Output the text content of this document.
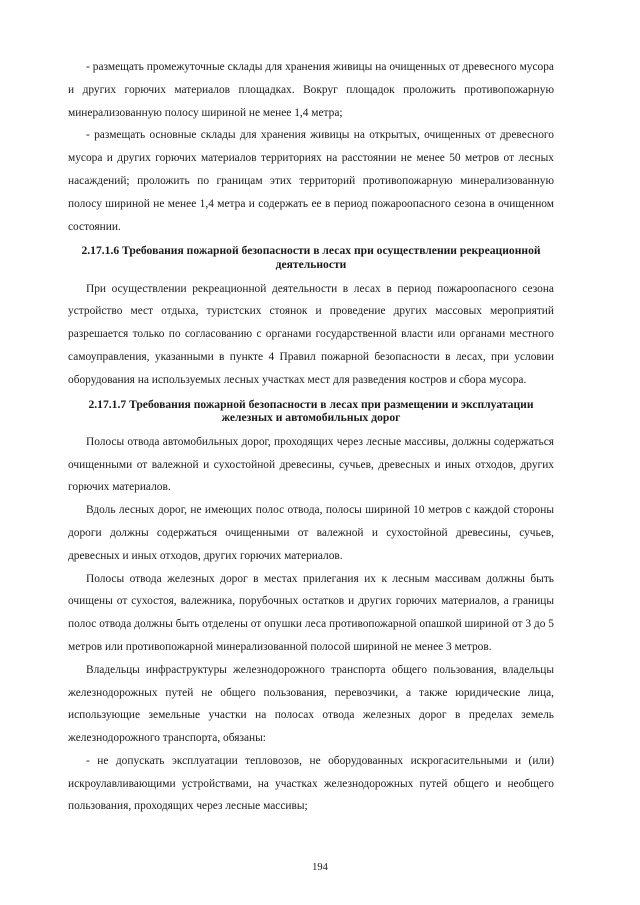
- размещать промежуточные склады для хранения живицы на очищенных от древесного мусора и других горючих материалов площадках. Вокруг площадок проложить противопожарную минерализованную полосу шириной не менее 1,4 метра;

- размещать основные склады для хранения живицы на открытых, очищенных от древесного мусора и других горючих материалов территориях на расстоянии не менее 50 метров от лесных насаждений; проложить по границам этих территорий противопожарную минерализованную полосу шириной не менее 1,4 метра и содержать ее в период пожароопасного сезона в очищенном состоянии.

2.17.1.6 Требования пожарной безопасности в лесах при осуществлении рекреационной деятельности

При осуществлении рекреационной деятельности в лесах в период пожароопасного сезона устройство мест отдыха, туристских стоянок и проведение других массовых мероприятий разрешается только по согласованию с органами государственной власти или органами местного самоуправления, указанными в пункте 4 Правил пожарной безопасности в лесах, при условии оборудования на используемых лесных участках мест для разведения костров и сбора мусора.

2.17.1.7 Требования пожарной безопасности в лесах при размещении и эксплуатации железных и автомобильных дорог

Полосы отвода автомобильных дорог, проходящих через лесные массивы, должны содержаться очищенными от валежной и сухостойной древесины, сучьев, древесных и иных отходов, других горючих материалов.

Вдоль лесных дорог, не имеющих полос отвода, полосы шириной 10 метров с каждой стороны дороги должны содержаться очищенными от валежной и сухостойной древесины, сучьев, древесных и иных отходов, других горючих материалов.

Полосы отвода железных дорог в местах прилегания их к лесным массивам должны быть очищены от сухостоя, валежника, порубочных остатков и других горючих материалов, а границы полос отвода должны быть отделены от опушки леса противопожарной опашкой шириной от 3 до 5 метров или противопожарной минерализованной полосой шириной не менее 3 метров.

Владельцы инфраструктуры железнодорожного транспорта общего пользования, владельцы железнодорожных путей не общего пользования, перевозчики, а также юридические лица, использующие земельные участки на полосах отвода железных дорог в пределах земель железнодорожного транспорта, обязаны:

- не допускать эксплуатации тепловозов, не оборудованных искрогасительными и (или) искроулавливающими устройствами, на участках железнодорожных путей общего и необщего пользования, проходящих через лесные массивы;

194
